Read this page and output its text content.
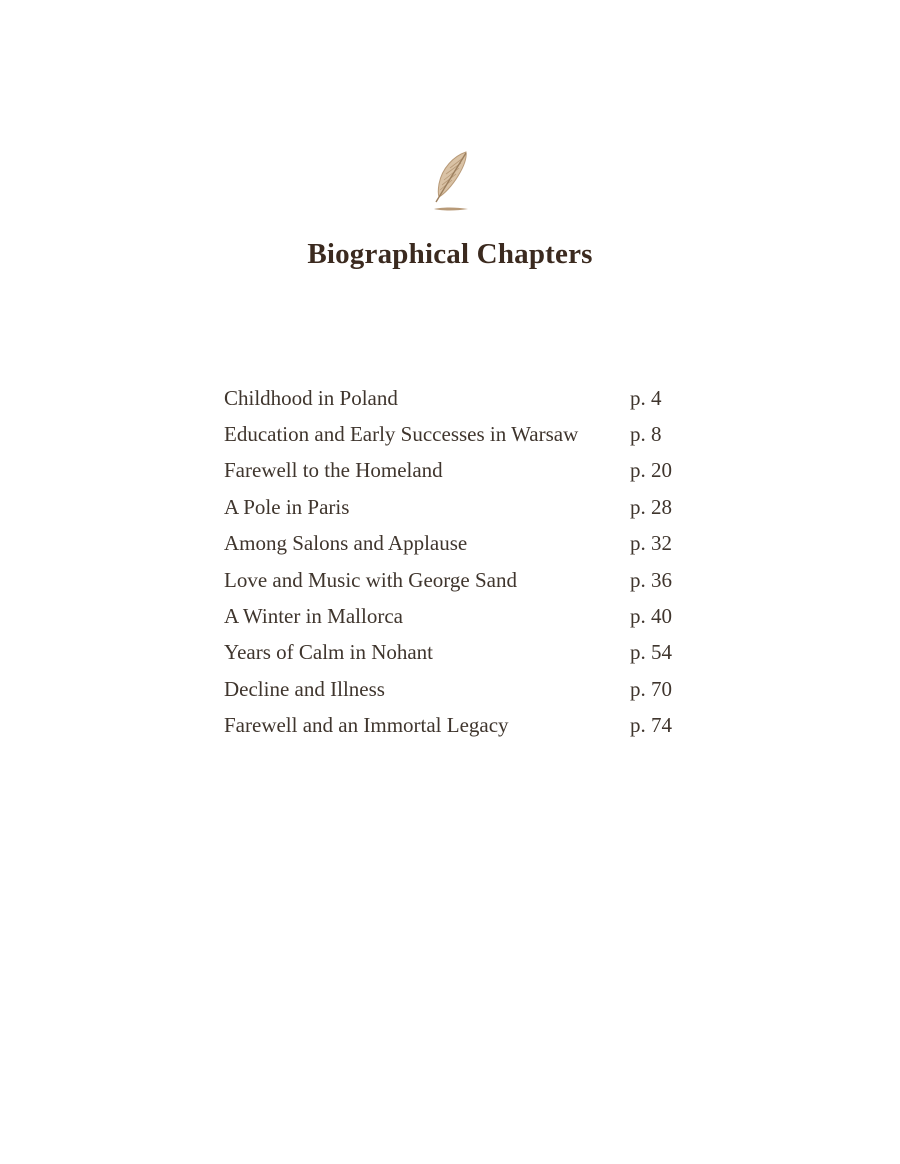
Biographical Chapters
Childhood in Poland	p. 4
Education and Early Successes in Warsaw p. 8
Farewell to the Homeland	p. 20
A Pole in Paris	p. 28
Among Salons and Applause	p. 32
Love and Music with George Sand	p. 36
A Winter in Mallorca	p. 40
Years of Calm in Nohant	p. 54
Decline and Illness	p. 70
Farewell and an Immortal Legacy	p. 74
